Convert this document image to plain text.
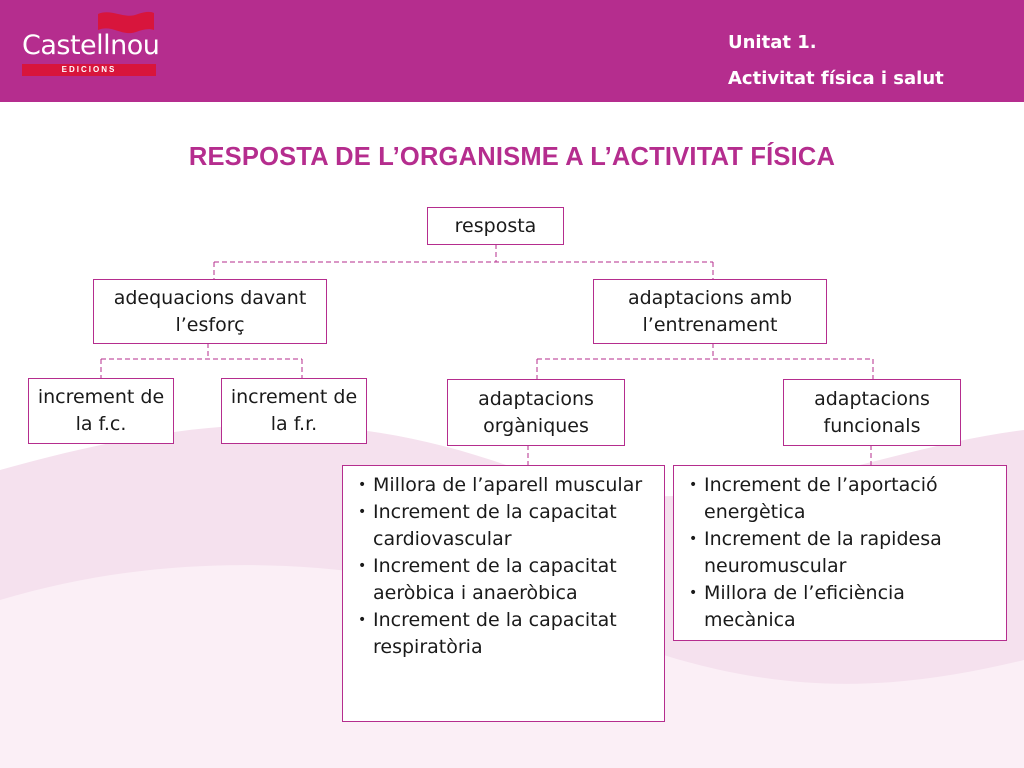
Castellnou
EDICIONS
Unitat 1.
Activitat física i salut
RESPOSTA DE L’ORGANISME A L’ACTIVITAT FÍSICA
resposta
adequacions davant l’esforç
adaptacions amb l’entrenament
increment de la f.c.
increment de la f.r.
adaptacions orgàniques
adaptacions funcionals
• Millora de l’aparell muscular
• Increment de la capacitat cardiovascular
• Increment de la capacitat aeròbica i anaeròbica
• Increment de la capacitat respiratòria
• Increment de l’aportació energètica
• Increment de la rapidesa neuromuscular
• Millora de l’eficiència mecànica
